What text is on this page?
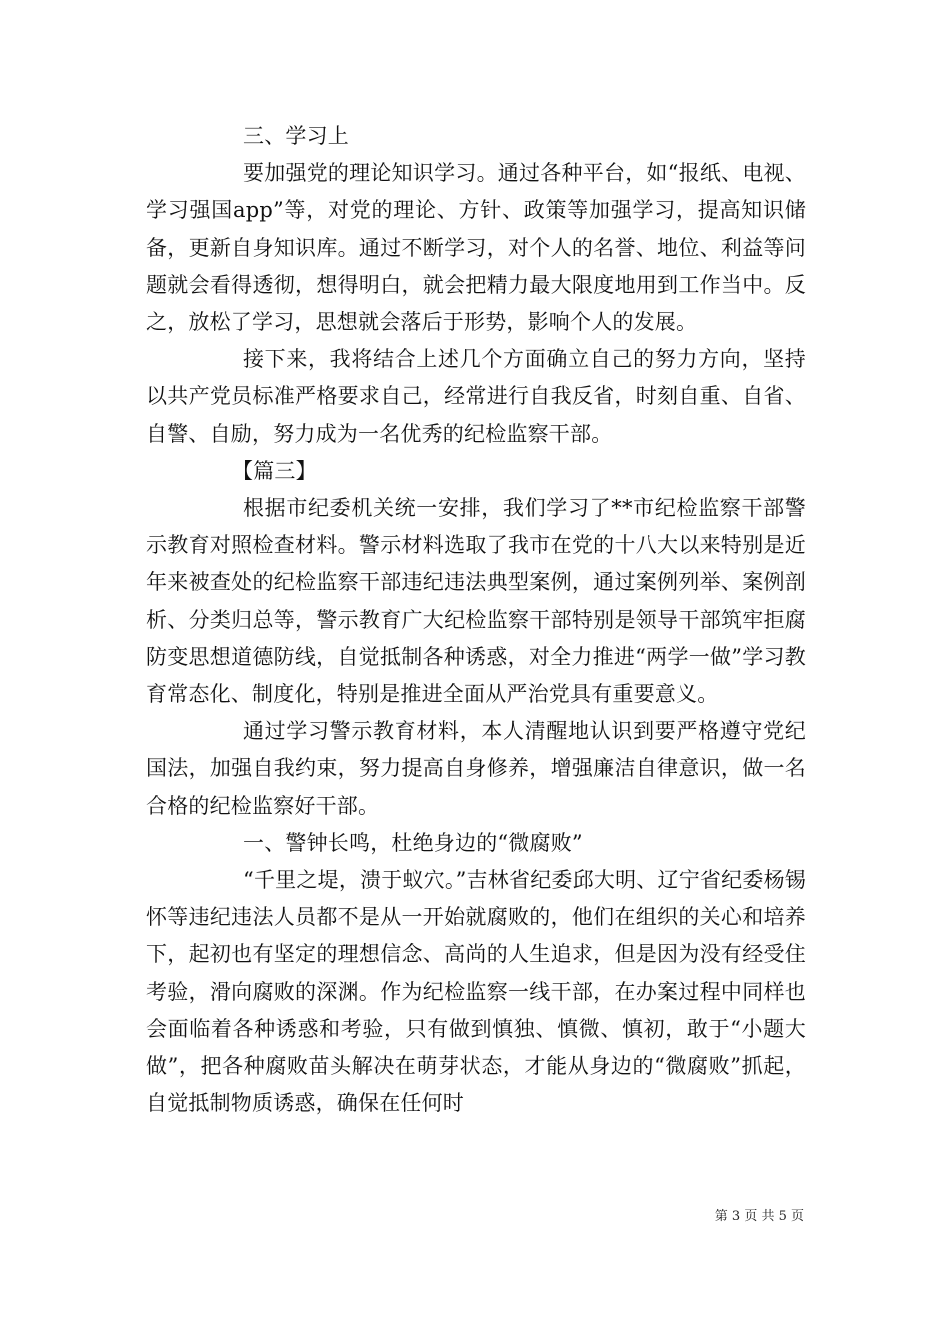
三、学习上

要加强党的理论知识学习。通过各种平台，如“报纸、电视、学习强国app”等，对党的理论、方针、政策等加强学习，提高知识储备，更新自身知识库。通过不断学习，对个人的名誉、地位、利益等问题就会看得透彻，想得明白，就会把精力最大限度地用到工作当中。反之，放松了学习，思想就会落后于形势，影响个人的发展。

接下来，我将结合上述几个方面确立自己的努力方向，坚持以共产党员标准严格要求自己，经常进行自我反省，时刻自重、自省、自警、自励，努力成为一名优秀的纪检监察干部。

【篇三】

根据市纪委机关统一安排，我们学习了**市纪检监察干部警示教育对照检查材料。警示材料选取了我市在党的十八大以来特别是近年来被查处的纪检监察干部违纪违法典型案例，通过案例列举、案例剖析、分类归总等，警示教育广大纪检监察干部特别是领导干部筑牢拒腐防变思想道德防线，自觉抵制各种诱惑，对全力推进“两学一做”学习教育常态化、制度化，特别是推进全面从严治党具有重要意义。

通过学习警示教育材料，本人清醒地认识到要严格遵守党纪国法，加强自我约束，努力提高自身修养，增强廉洁自律意识，做一名合格的纪检监察好干部。

一、警钟长鸣，杜绝身边的“微腐败”

“千里之堤，溃于蚁穴。”吉林省纪委邱大明、辽宁省纪委杨锡怀等违纪违法人员都不是从一开始就腐败的，他们在组织的关心和培养下，起初也有坚定的理想信念、高尚的人生追求，但是因为没有经受住考验，滑向腐败的深渊。作为纪检监察一线干部，在办案过程中同样也会面临着各种诱惑和考验，只有做到慎独、慎微、慎初，敢于“小题大做”，把各种腐败苗头解决在萌芽状态，才能从身边的“微腐败”抓起，自觉抵制物质诱惑，确保在任何时

第 3 页 共 5 页
